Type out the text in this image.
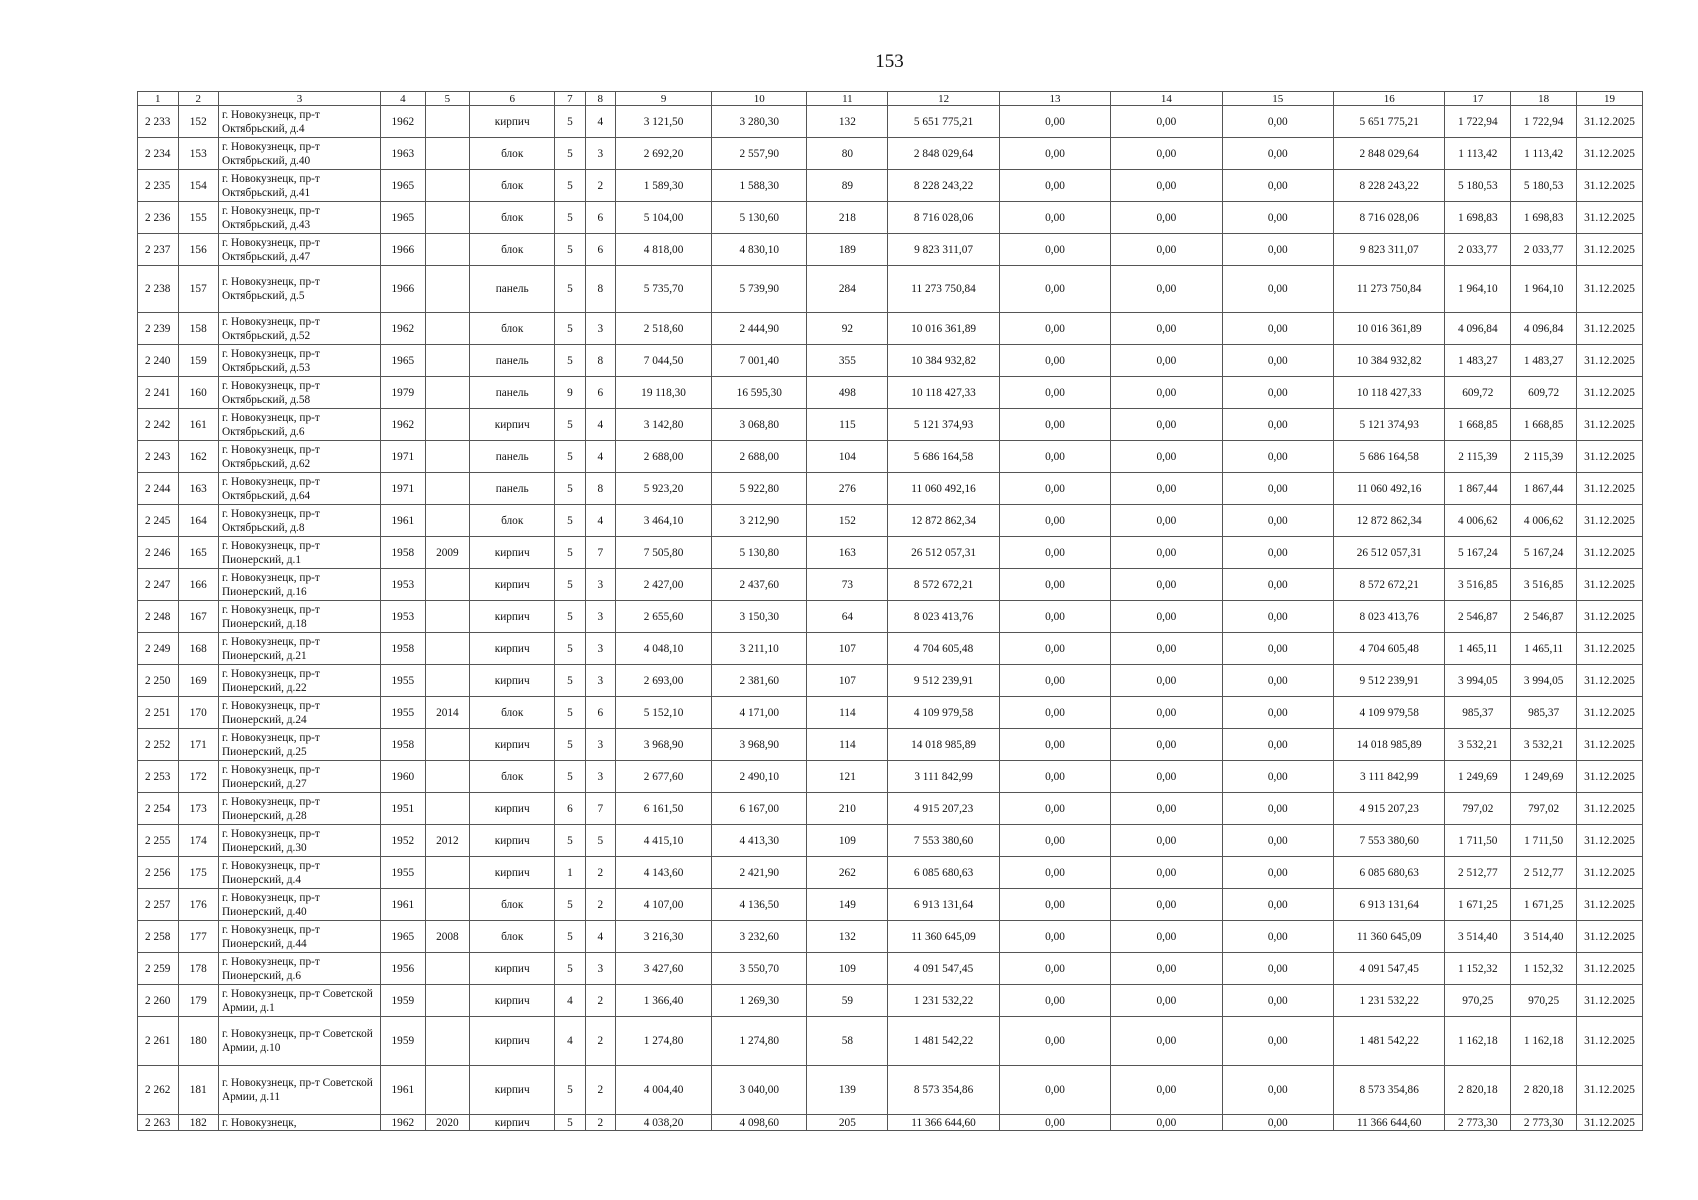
153
1	2	3	4	5	6	7	8	9	10	11	12	13	14	15	16	17	18	19
2 233	152	г. Новокузнецк, пр-т Октябрьский, д.4	1962		кирпич	5	4	3 121,50	3 280,30	132	5 651 775,21	0,00	0,00	0,00	5 651 775,21	1 722,94	1 722,94	31.12.2025
2 234	153	г. Новокузнецк, пр-т Октябрьский, д.40	1963		блок	5	3	2 692,20	2 557,90	80	2 848 029,64	0,00	0,00	0,00	2 848 029,64	1 113,42	1 113,42	31.12.2025
2 235	154	г. Новокузнецк, пр-т Октябрьский, д.41	1965		блок	5	2	1 589,30	1 588,30	89	8 228 243,22	0,00	0,00	0,00	8 228 243,22	5 180,53	5 180,53	31.12.2025
2 236	155	г. Новокузнецк, пр-т Октябрьский, д.43	1965		блок	5	6	5 104,00	5 130,60	218	8 716 028,06	0,00	0,00	0,00	8 716 028,06	1 698,83	1 698,83	31.12.2025
2 237	156	г. Новокузнецк, пр-т Октябрьский, д.47	1966		блок	5	6	4 818,00	4 830,10	189	9 823 311,07	0,00	0,00	0,00	9 823 311,07	2 033,77	2 033,77	31.12.2025
2 238	157	г. Новокузнецк, пр-т Октябрьский, д.5	1966		панель	5	8	5 735,70	5 739,90	284	11 273 750,84	0,00	0,00	0,00	11 273 750,84	1 964,10	1 964,10	31.12.2025
2 239	158	г. Новокузнецк, пр-т Октябрьский, д.52	1962		блок	5	3	2 518,60	2 444,90	92	10 016 361,89	0,00	0,00	0,00	10 016 361,89	4 096,84	4 096,84	31.12.2025
2 240	159	г. Новокузнецк, пр-т Октябрьский, д.53	1965		панель	5	8	7 044,50	7 001,40	355	10 384 932,82	0,00	0,00	0,00	10 384 932,82	1 483,27	1 483,27	31.12.2025
2 241	160	г. Новокузнецк, пр-т Октябрьский, д.58	1979		панель	9	6	19 118,30	16 595,30	498	10 118 427,33	0,00	0,00	0,00	10 118 427,33	609,72	609,72	31.12.2025
2 242	161	г. Новокузнецк, пр-т Октябрьский, д.6	1962		кирпич	5	4	3 142,80	3 068,80	115	5 121 374,93	0,00	0,00	0,00	5 121 374,93	1 668,85	1 668,85	31.12.2025
2 243	162	г. Новокузнецк, пр-т Октябрьский, д.62	1971		панель	5	4	2 688,00	2 688,00	104	5 686 164,58	0,00	0,00	0,00	5 686 164,58	2 115,39	2 115,39	31.12.2025
2 244	163	г. Новокузнецк, пр-т Октябрьский, д.64	1971		панель	5	8	5 923,20	5 922,80	276	11 060 492,16	0,00	0,00	0,00	11 060 492,16	1 867,44	1 867,44	31.12.2025
2 245	164	г. Новокузнецк, пр-т Октябрьский, д.8	1961		блок	5	4	3 464,10	3 212,90	152	12 872 862,34	0,00	0,00	0,00	12 872 862,34	4 006,62	4 006,62	31.12.2025
2 246	165	г. Новокузнецк, пр-т Пионерский, д.1	1958	2009	кирпич	5	7	7 505,80	5 130,80	163	26 512 057,31	0,00	0,00	0,00	26 512 057,31	5 167,24	5 167,24	31.12.2025
2 247	166	г. Новокузнецк, пр-т Пионерский, д.16	1953		кирпич	5	3	2 427,00	2 437,60	73	8 572 672,21	0,00	0,00	0,00	8 572 672,21	3 516,85	3 516,85	31.12.2025
2 248	167	г. Новокузнецк, пр-т Пионерский, д.18	1953		кирпич	5	3	2 655,60	3 150,30	64	8 023 413,76	0,00	0,00	0,00	8 023 413,76	2 546,87	2 546,87	31.12.2025
2 249	168	г. Новокузнецк, пр-т Пионерский, д.21	1958		кирпич	5	3	4 048,10	3 211,10	107	4 704 605,48	0,00	0,00	0,00	4 704 605,48	1 465,11	1 465,11	31.12.2025
2 250	169	г. Новокузнецк, пр-т Пионерский, д.22	1955		кирпич	5	3	2 693,00	2 381,60	107	9 512 239,91	0,00	0,00	0,00	9 512 239,91	3 994,05	3 994,05	31.12.2025
2 251	170	г. Новокузнецк, пр-т Пионерский, д.24	1955	2014	блок	5	6	5 152,10	4 171,00	114	4 109 979,58	0,00	0,00	0,00	4 109 979,58	985,37	985,37	31.12.2025
2 252	171	г. Новокузнецк, пр-т Пионерский, д.25	1958		кирпич	5	3	3 968,90	3 968,90	114	14 018 985,89	0,00	0,00	0,00	14 018 985,89	3 532,21	3 532,21	31.12.2025
2 253	172	г. Новокузнецк, пр-т Пионерский, д.27	1960		блок	5	3	2 677,60	2 490,10	121	3 111 842,99	0,00	0,00	0,00	3 111 842,99	1 249,69	1 249,69	31.12.2025
2 254	173	г. Новокузнецк, пр-т Пионерский, д.28	1951		кирпич	6	7	6 161,50	6 167,00	210	4 915 207,23	0,00	0,00	0,00	4 915 207,23	797,02	797,02	31.12.2025
2 255	174	г. Новокузнецк, пр-т Пионерский, д.30	1952	2012	кирпич	5	5	4 415,10	4 413,30	109	7 553 380,60	0,00	0,00	0,00	7 553 380,60	1 711,50	1 711,50	31.12.2025
2 256	175	г. Новокузнецк, пр-т Пионерский, д.4	1955		кирпич	1	2	4 143,60	2 421,90	262	6 085 680,63	0,00	0,00	0,00	6 085 680,63	2 512,77	2 512,77	31.12.2025
2 257	176	г. Новокузнецк, пр-т Пионерский, д.40	1961		блок	5	2	4 107,00	4 136,50	149	6 913 131,64	0,00	0,00	0,00	6 913 131,64	1 671,25	1 671,25	31.12.2025
2 258	177	г. Новокузнецк, пр-т Пионерский, д.44	1965	2008	блок	5	4	3 216,30	3 232,60	132	11 360 645,09	0,00	0,00	0,00	11 360 645,09	3 514,40	3 514,40	31.12.2025
2 259	178	г. Новокузнецк, пр-т Пионерский, д.6	1956		кирпич	5	3	3 427,60	3 550,70	109	4 091 547,45	0,00	0,00	0,00	4 091 547,45	1 152,32	1 152,32	31.12.2025
2 260	179	г. Новокузнецк, пр-т Советской Армии, д.1	1959		кирпич	4	2	1 366,40	1 269,30	59	1 231 532,22	0,00	0,00	0,00	1 231 532,22	970,25	970,25	31.12.2025
2 261	180	г. Новокузнецк, пр-т Советской Армии, д.10	1959		кирпич	4	2	1 274,80	1 274,80	58	1 481 542,22	0,00	0,00	0,00	1 481 542,22	1 162,18	1 162,18	31.12.2025
2 262	181	г. Новокузнецк, пр-т Советской Армии, д.11	1961		кирпич	5	2	4 004,40	3 040,00	139	8 573 354,86	0,00	0,00	0,00	8 573 354,86	2 820,18	2 820,18	31.12.2025
2 263	182	г. Новокузнецк,	1962	2020	кирпич	5	2	4 038,20	4 098,60	205	11 366 644,60	0,00	0,00	0,00	11 366 644,60	2 773,30	2 773,30	31.12.2025
